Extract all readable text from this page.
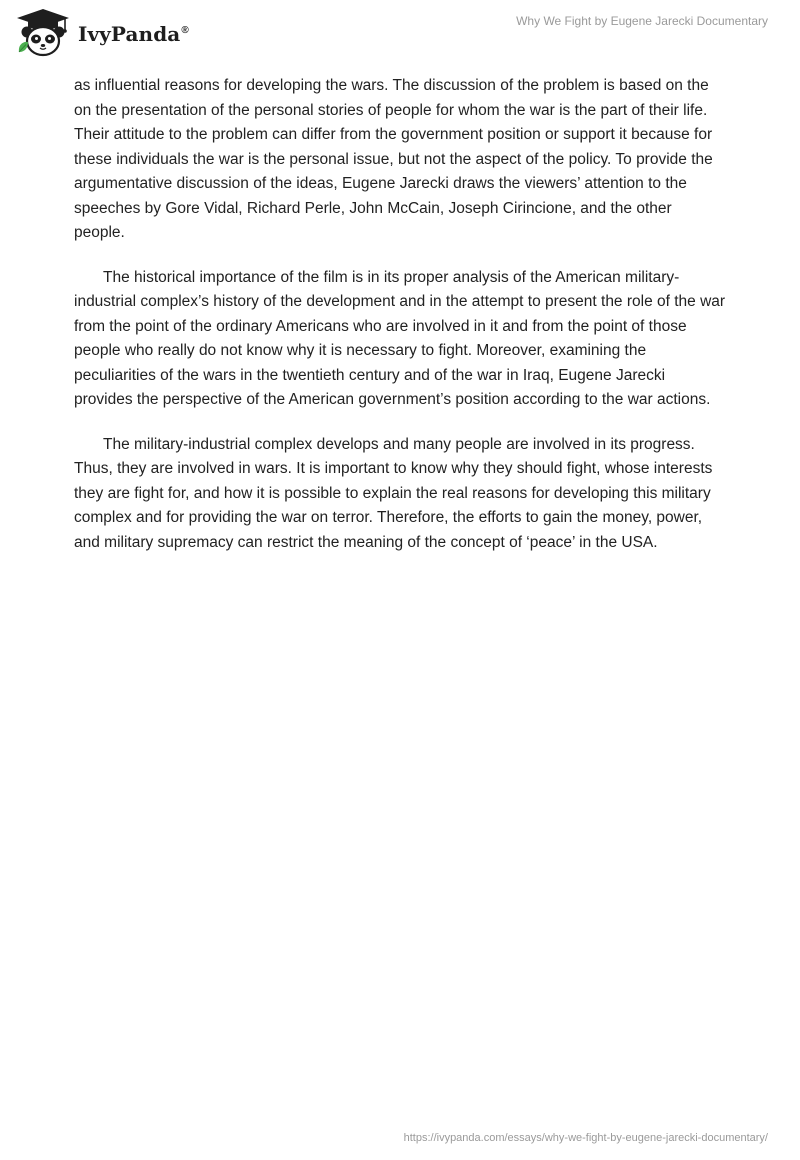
IvyPanda®
Why We Fight by Eugene Jarecki Documentary

as influential reasons for developing the wars. The discussion of the problem is based on the on the presentation of the personal stories of people for whom the war is the part of their life. Their attitude to the problem can differ from the government position or support it because for these individuals the war is the personal issue, but not the aspect of the policy. To provide the argumentative discussion of the ideas, Eugene Jarecki draws the viewers’ attention to the speeches by Gore Vidal, Richard Perle, John McCain, Joseph Cirincione, and the other people.

The historical importance of the film is in its proper analysis of the American military-industrial complex’s history of the development and in the attempt to present the role of the war from the point of the ordinary Americans who are involved in it and from the point of those people who really do not know why it is necessary to fight. Moreover, examining the peculiarities of the wars in the twentieth century and of the war in Iraq, Eugene Jarecki provides the perspective of the American government’s position according to the war actions.

The military-industrial complex develops and many people are involved in its progress. Thus, they are involved in wars. It is important to know why they should fight, whose interests they are fight for, and how it is possible to explain the real reasons for developing this military complex and for providing the war on terror. Therefore, the efforts to gain the money, power, and military supremacy can restrict the meaning of the concept of ‘peace’ in the USA.

https://ivypanda.com/essays/why-we-fight-by-eugene-jarecki-documentary/
